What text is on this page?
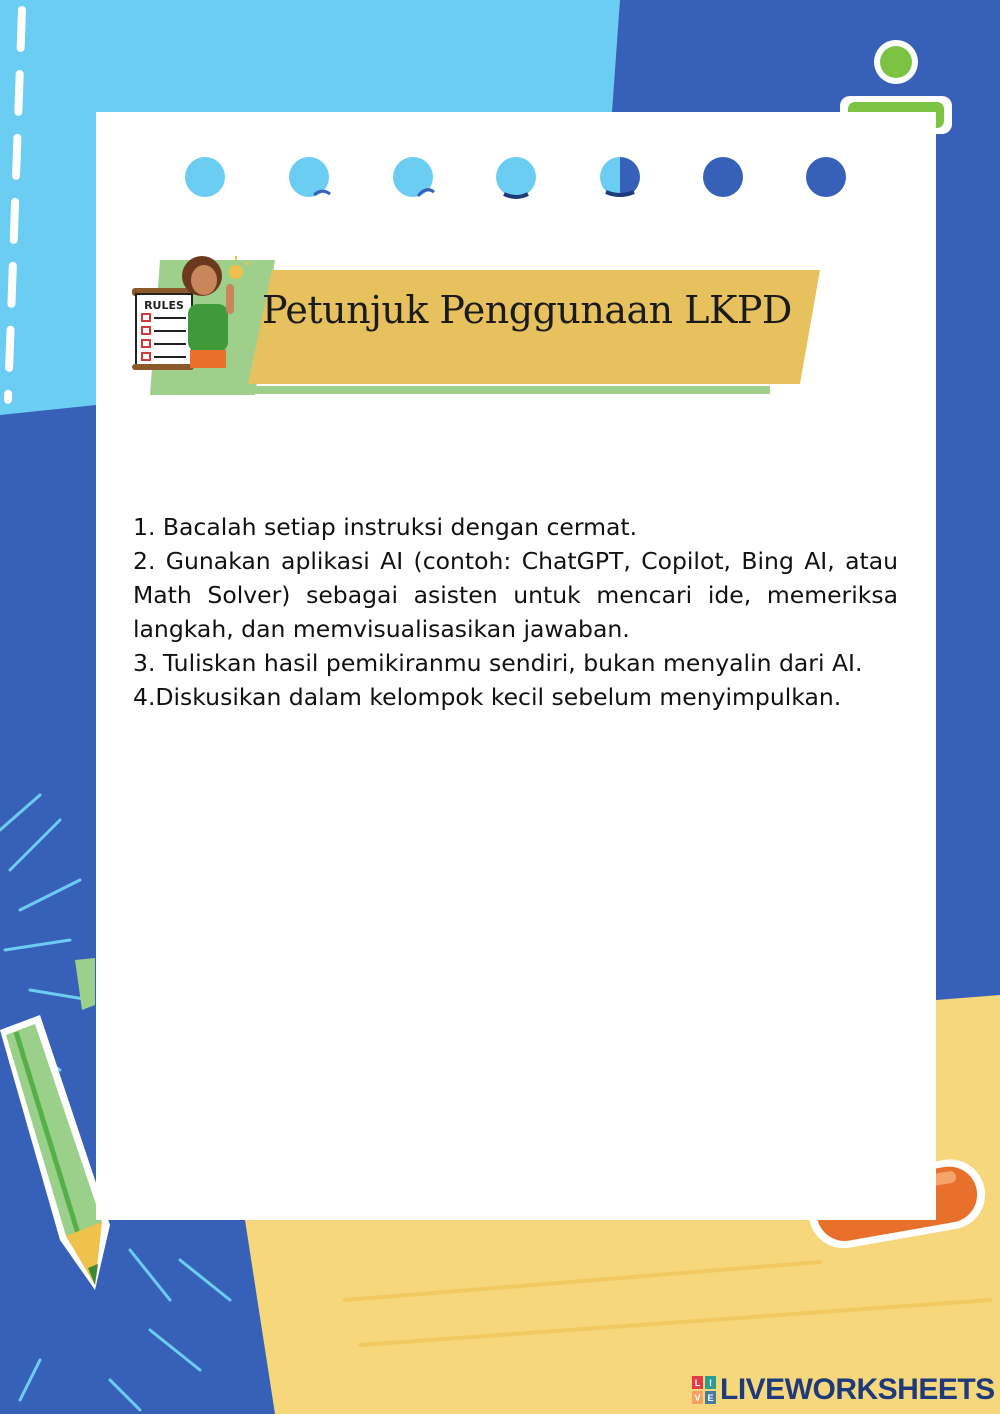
RULES Petunjuk Penggunaan LKPD

1. Bacalah setiap instruksi dengan cermat.

2. Gunakan aplikasi AI (contoh: ChatGPT, Copilot, Bing AI, atau Math Solver) sebagai asisten untuk mencari ide, memeriksa langkah, dan memvisualisasikan jawaban.

3. Tuliskan hasil pemikiranmu sendiri, bukan menyalin dari AI.

4.Diskusikan dalam kelompok kecil sebelum menyimpulkan.

L I
V E LIVEWORKSHEETS
